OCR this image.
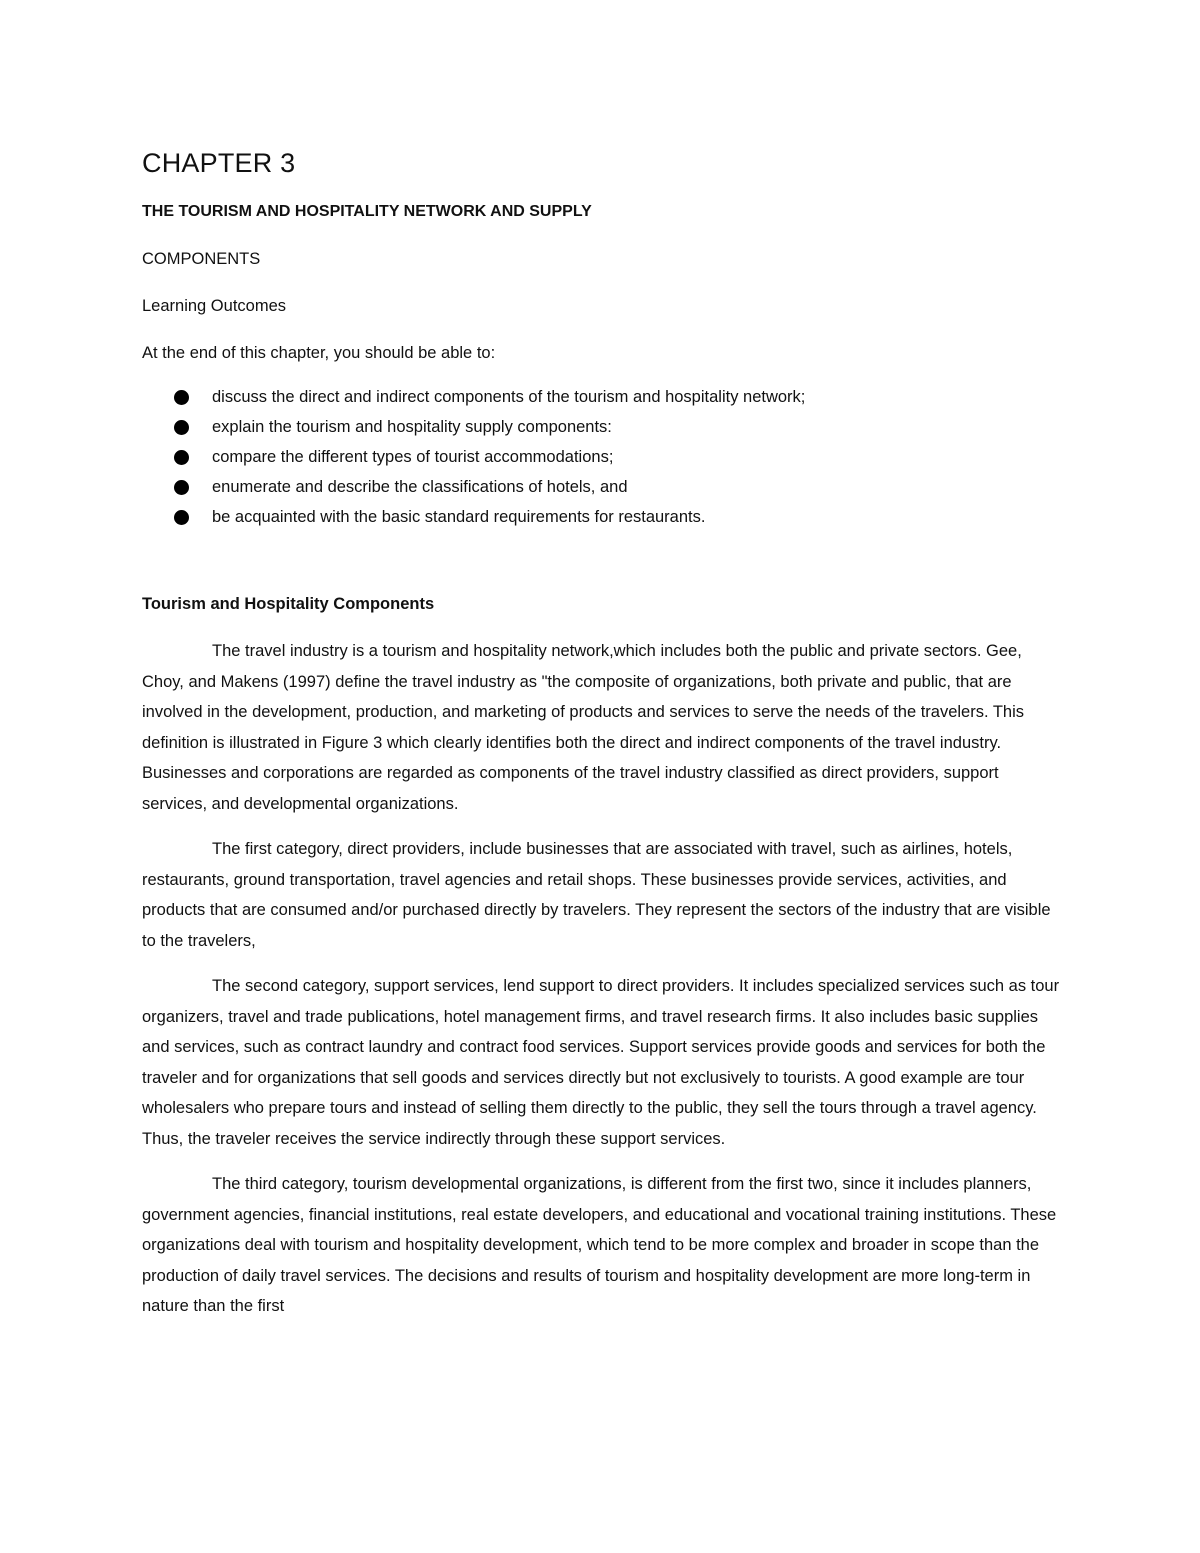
CHAPTER 3
THE TOURISM AND HOSPITALITY NETWORK AND SUPPLY
COMPONENTS
Learning Outcomes
At the end of this chapter, you should be able to:
discuss the direct and indirect components of the tourism and hospitality network;
explain the tourism and hospitality supply components:
compare the different types of tourist accommodations;
enumerate and describe the classifications of hotels, and
be acquainted with the basic standard requirements for restaurants.
Tourism and Hospitality Components

The travel industry is a tourism and hospitality network,which includes both the public and private sectors. Gee, Choy, and Makens (1997) define the travel industry as "the composite of organizations, both private and public, that are involved in the development, production, and marketing of products and services to serve the needs of the travelers. This definition is illustrated in Figure 3 which clearly identifies both the direct and indirect components of the travel industry. Businesses and corporations are regarded as components of the travel industry classified as direct providers, support services, and developmental organizations.

The first category, direct providers, include businesses that are associated with travel, such as airlines, hotels, restaurants, ground transportation, travel agencies and retail shops. These businesses provide services, activities, and products that are consumed and/or purchased directly by travelers. They represent the sectors of the industry that are visible to the travelers,

The second category, support services, lend support to direct providers. It includes specialized services such as tour organizers, travel and trade publications, hotel management firms, and travel research firms. It also includes basic supplies and services, such as contract laundry and contract food services. Support services provide goods and services for both the traveler and for organizations that sell goods and services directly but not exclusively to tourists. A good example are tour wholesalers who prepare tours and instead of selling them directly to the public, they sell the tours through a travel agency. Thus, the traveler receives the service indirectly through these support services.

The third category, tourism developmental organizations, is different from the first two, since it includes planners, government agencies, financial institutions, real estate developers, and educational and vocational training institutions. These organizations deal with tourism and hospitality development, which tend to be more complex and broader in scope than the production of daily travel services. The decisions and results of tourism and hospitality development are more long-term in nature than the first
